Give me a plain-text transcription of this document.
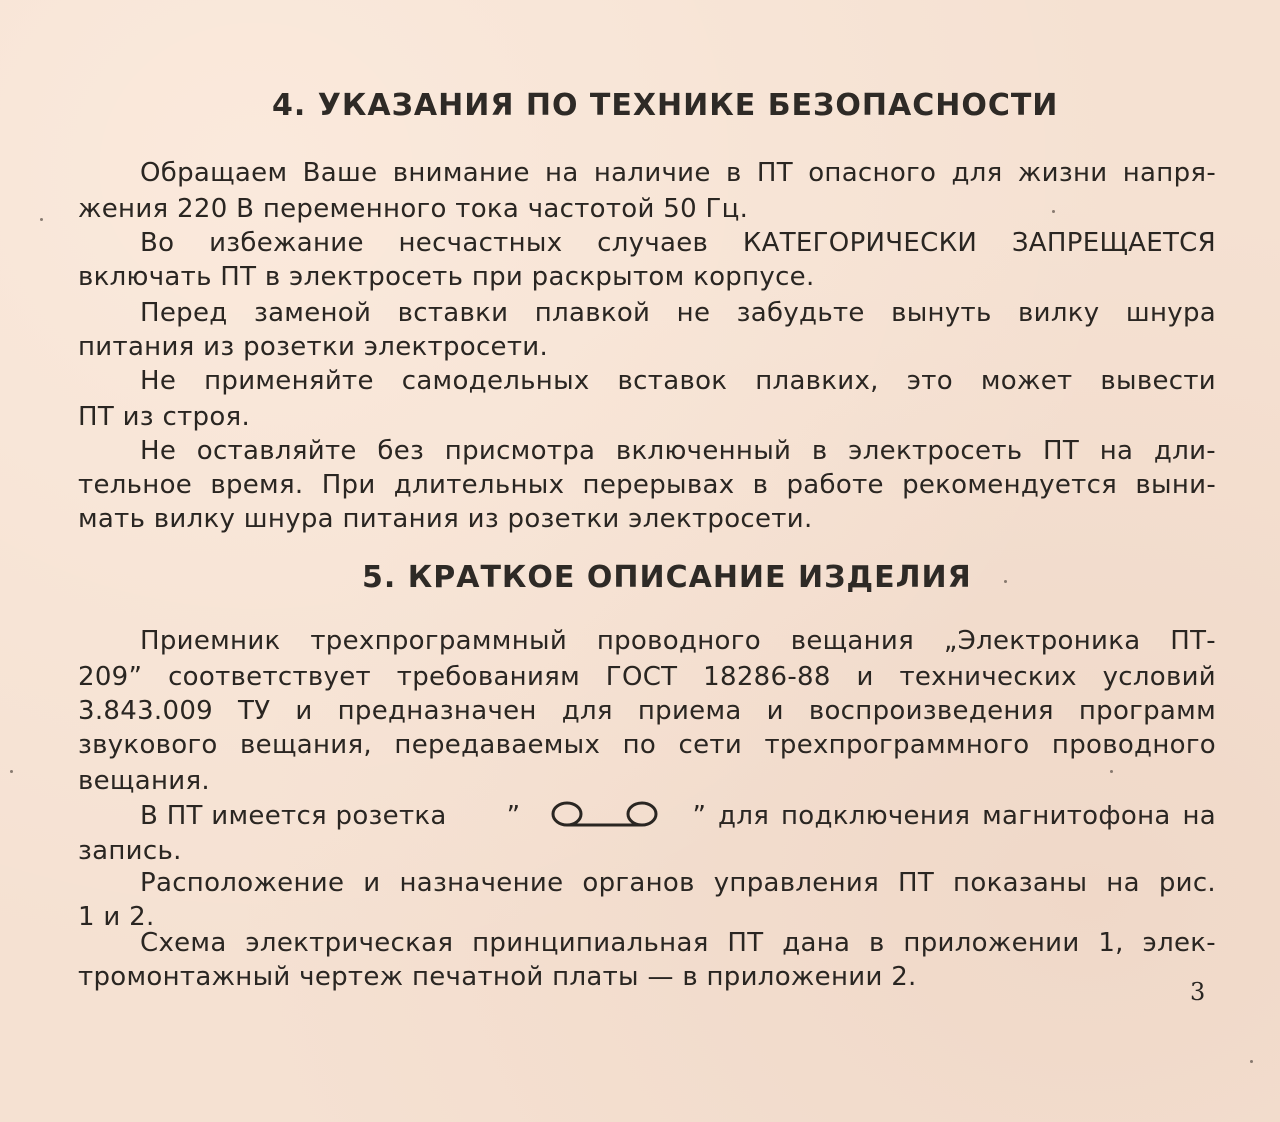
4. УКАЗАНИЯ ПО ТЕХНИКЕ БЕЗОПАСНОСТИ

Обращаем Ваше внимание на наличие в ПТ опасного для жизни напря-

жения 220 В переменного тока частотой 50 Гц.

Во избежание несчастных случаев КАТЕГОРИЧЕСКИ ЗАПРЕЩАЕТСЯ

включать ПТ в электросеть при раскрытом корпусе.

Перед заменой вставки плавкой не забудьте вынуть вилку шнура

питания из розетки электросети.

Не применяйте самодельных вставок плавких, это может вывести

ПТ из строя.

Не оставляйте без присмотра включенный в электросеть ПТ на дли-

тельное время. При длительных перерывах в работе рекомендуется выни-

мать вилку шнура питания из розетки электросети.

5. КРАТКОЕ ОПИСАНИЕ ИЗДЕЛИЯ

Приемник трехпрограммный проводного вещания „Электроника ПТ-

209” соответствует требованиям ГОСТ 18286-88 и технических условий

3.843.009 ТУ и предназначен для приема и воспроизведения программ

звукового вещания, передаваемых по сети трехпрограммного проводного

вещания.

В ПТ имеется розетка ”	” для подключения магнитофона на

запись.

Расположение и назначение органов управления ПТ показаны на рис.

1 и 2.

Схема электрическая принципиальная ПТ дана в приложении 1, элек-

тромонтажный чертеж печатной платы — в приложении 2.	3
